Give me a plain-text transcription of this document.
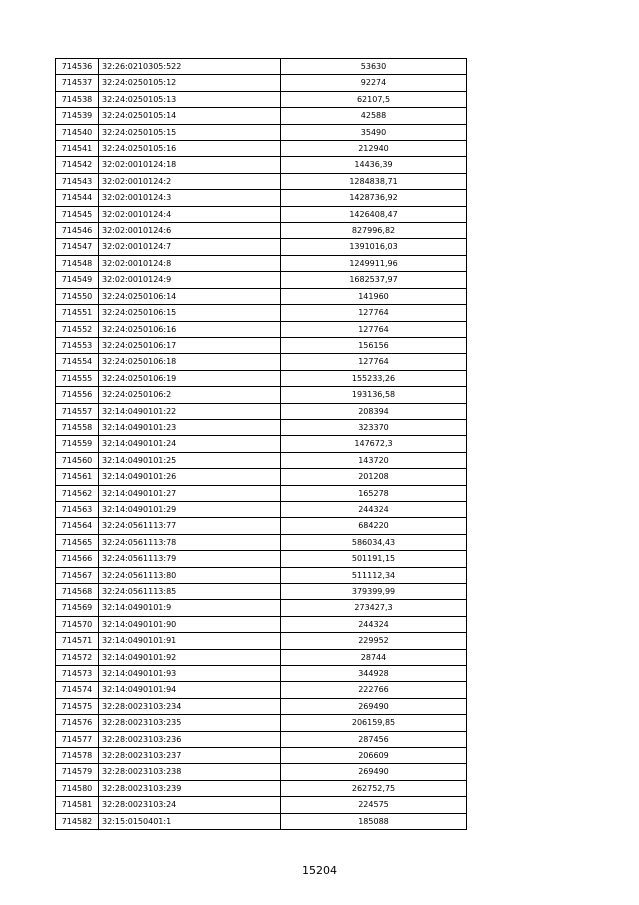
714536	32:26:0210305:522	53630
714537	32:24:0250105:12	92274
714538	32:24:0250105:13	62107,5
714539	32:24:0250105:14	42588
714540	32:24:0250105:15	35490
714541	32:24:0250105:16	212940
714542	32:02:0010124:18	14436,39
714543	32:02:0010124:2	1284838,71
714544	32:02:0010124:3	1428736,92
714545	32:02:0010124:4	1426408,47
714546	32:02:0010124:6	827996,82
714547	32:02:0010124:7	1391016,03
714548	32:02:0010124:8	1249911,96
714549	32:02:0010124:9	1682537,97
714550	32:24:0250106:14	141960
714551	32:24:0250106:15	127764
714552	32:24:0250106:16	127764
714553	32:24:0250106:17	156156
714554	32:24:0250106:18	127764
714555	32:24:0250106:19	155233,26
714556	32:24:0250106:2	193136,58
714557	32:14:0490101:22	208394
714558	32:14:0490101:23	323370
714559	32:14:0490101:24	147672,3
714560	32:14:0490101:25	143720
714561	32:14:0490101:26	201208
714562	32:14:0490101:27	165278
714563	32:14:0490101:29	244324
714564	32:24:0561113:77	684220
714565	32:24:0561113:78	586034,43
714566	32:24:0561113:79	501191,15
714567	32:24:0561113:80	511112,34
714568	32:24:0561113:85	379399,99
714569	32:14:0490101:9	273427,3
714570	32:14:0490101:90	244324
714571	32:14:0490101:91	229952
714572	32:14:0490101:92	28744
714573	32:14:0490101:93	344928
714574	32:14:0490101:94	222766
714575	32:28:0023103:234	269490
714576	32:28:0023103:235	206159,85
714577	32:28:0023103:236	287456
714578	32:28:0023103:237	206609
714579	32:28:0023103:238	269490
714580	32:28:0023103:239	262752,75
714581	32:28:0023103:24	224575
714582	32:15:0150401:1	185088
15204
